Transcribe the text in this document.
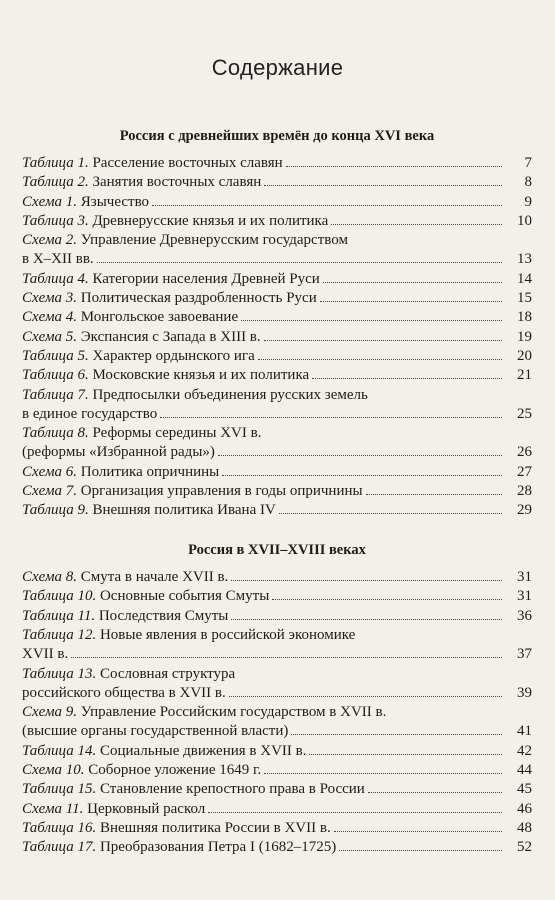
Содержание
Россия с древнейших времён до конца XVI века
Таблица 1. Расселение восточных славян	7
Таблица 2. Занятия восточных славян	8
Схема 1. Язычество	9
Таблица 3. Древнерусские князья и их политика	10
Схема 2. Управление Древнерусским государством
в X–XII вв.	13
Таблица 4. Категории населения Древней Руси	14
Схема 3. Политическая раздробленность Руси	15
Схема 4. Монгольское завоевание	18
Схема 5. Экспансия с Запада в XIII в.	19
Таблица 5. Характер ордынского ига	20
Таблица 6. Московские князья и их политика	21
Таблица 7. Предпосылки объединения русских земель
в единое государство	25
Таблица 8. Реформы середины XVI в.
(реформы «Избранной рады»)	26
Схема 6. Политика опричнины	27
Схема 7. Организация управления в годы опричнины	28
Таблица 9. Внешняя политика Ивана IV	29
Россия в XVII–XVIII веках
Схема 8. Смута в начале XVII в.	31
Таблица 10. Основные события Смуты	31
Таблица 11. Последствия Смуты	36
Таблица 12. Новые явления в российской экономике
XVII в.	37
Таблица 13. Сословная структура
российского общества в XVII в.	39
Схема 9. Управление Российским государством в XVII в.
(высшие органы государственной власти)	41
Таблица 14. Социальные движения в XVII в.	42
Схема 10. Соборное уложение 1649 г.	44
Таблица 15. Становление крепостного права в России	45
Схема 11. Церковный раскол	46
Таблица 16. Внешняя политика России в XVII в.	48
Таблица 17. Преобразования Петра I (1682–1725)	52
